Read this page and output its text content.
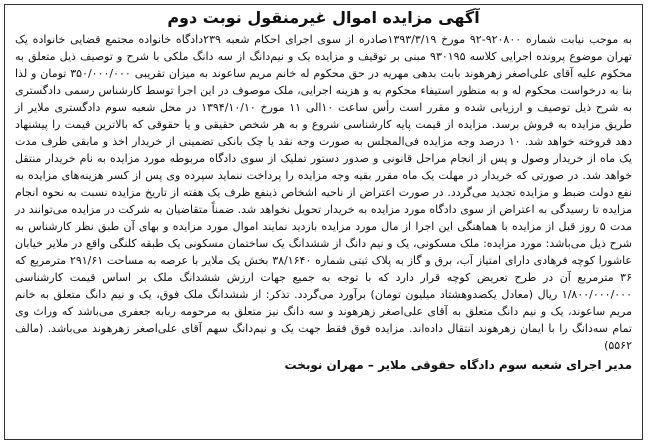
آگهی مزایده اموال غیرمنقول نوبت دوم

به موجب نیابت شماره ۹۲۰۸۰۰-۹۲ مورخ ۱۳۹۳/۳/۱۹صادره از سوی اجرای احکام شعبه ۲۳۹دادگاه خانواده مجتمع قضایی خانواده یک تهران موضوع پرونده اجرایی کلاسه ۹۳۰۱۹۵ مبنی بر توقیف و مزایده یک و نیم‌دانگ از سه دانگ ملکی با شرح و توصیف ذیل متعلق به محکوم علیه آقای علی‌اصغر زهرهوند بابت بدهی مهریه در حق محکوم له خانم مریم ساعوند به میزان تقریبی ۳۵۰/۰۰۰/۰۰۰ تومان و لذا بنا به درخواست محکوم له و به منظور استیفاء محکوم به و هزینه اجرایی، ملک موصوف در این اجرا توسط کارشناس رسمی دادگستری به شرح ذیل توصیف و ارزیابی شده و مقرر است رأس ساعت ۱۰الی ۱۱ مورخ ۱۳۹۴/۱۰/۱۰ در محل شعبه سوم دادگستری ملایر از طریق مزایده به فروش برسد. مزایده از قیمت پایه کارشناسی شروع و به هر شخص حقیقی و یا حقوقی که بالاترین قیمت را پیشنهاد دهد فروخته خواهد شد. ۱۰ درصد وجه مزایده فی‌المجلس به صورت وجه نقد یا چک بانکی تضمینی از خریدار اخذ و مابقی ظرف مدت یک ماه از خریدار وصول و پس از انجام مراحل قانونی و صدور دستور تملیک از سوی دادگاه مربوطه مورد مزایده به نام خریدار منتقل خواهد شد. در صورتی که خریدار در مهلت یک ماه مقرر بقیه وجه مزایده را پرداخت ننماید سپرده وی پس از کسر هزینه‌های مزایده به نفع دولت ضبط و مزایده تجدید می‌گردد. در صورت اعتراض از ناحیه اشخاص ذینفع ظرف یک هفته از تاریخ مزایده نسبت به نحوه انجام مزایده تا رسیدگی به اعتراض از سوی دادگاه مورد مزایده به خریدار تحویل نخواهد شد. ضمناً متقاضیان به شرکت در مزایده می‌توانند در مدت ۵ روز قبل از مزایده با هماهنگی این اجرا از مال مورد مزایده بازدید نمایند اموال مورد مزایده و بهای آن طبق نظر کارشناس به شرح ذیل می‌باشد: مورد مزایده: ملک مسکونی، یک و نیم دانگ از ششدانگ یک ساختمان مسکونی یک طبقه کلنگی واقع در ملایر خیابان عاشورا کوچه فرهادی دارای امتیاز آب، برق و گاز به پلاک ثبتی شماره ۳۸/۱۶۴۰ بخش یک ملایر با عرصه به مساحت ۲۹۱/۶۱ مترمربع که ۳۶ مترمربع آن در طرح تعریض کوچه قرار دارد که با توجه به جمیع جهات ارزش ششدانگ ملک بر اساس قیمت کارشناسی ۱/۸۰۰/۰۰۰/۰۰۰ ریال (معادل یکصدوهشتاد میلیون تومان) برآورد می‌گردد. تذکر: از ششدانگ ملک فوق، یک و نیم دانگ متعلق به خانم مریم ساعوند، یک و نیم دانگ متعلق به آقای علی‌اصغر زهرهوند و سه دانگ نیز متعلق به مرحومه ربابه جعفری می‌باشد که وراث وی تمام سه‌دانگ را با ایمان زهرهوند انتقال داده‌اند. مزایده فوق فقط جهت یک و نیم‌دانگ سهم آقای علی‌اصغر زهرهوند می‌باشد. (مالف ۵۵۶۲)

مدیر اجرای شعبه سوم دادگاه حقوقی ملایر – مهران نوبخت
